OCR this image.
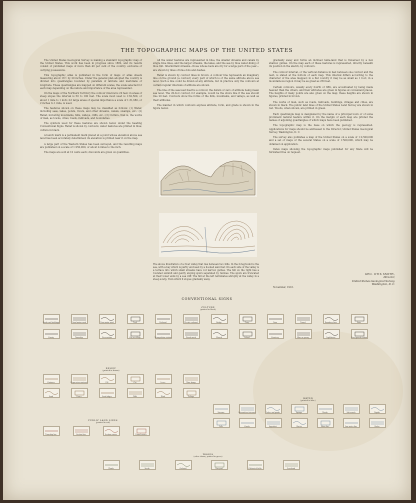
THE TOPOGRAPHIC MAPS OF THE UNITED STATES

The United States Geological Survey is making a standard topographic map of the United States. This work has been in progress since 1882, and its results consist of published maps of more than 40 per cent of the country, exclusive of outlying possessions.

This topographic atlas is published in the form of maps or atlas sheets measuring about 16½ by 20 inches. Under the general plan adopted the country is divided into quadrangles bounded by parallels of latitude and meridians of longitude. These quadrangles are mapped on different scales, the scale selected for each map depending on the nature and importance of the area represented.

On the maps of the Northern Territory the contour interval is 20 feet; in areas of steep slopes the interval is 50 to 100 feet. The scale most used is 1:62,500, or about 1 mile to 1 inch; for large areas of special importance a scale of 1:31,680, or 2 inches to 1 mile, is used.

The features shown on these maps may be classified as follows: (1) Water, including seas, lakes, ponds, rivers, and other streams, canals, swamps, etc.; (2) Relief, including mountains, hills, valleys, cliffs, etc.; (3) Culture, that is, the works of man, as towns, cities, roads, railroads, and boundaries.

The symbols used for these features are shown below under the heading Conventional Signs. Relief is shown by contours; water features are printed in blue; culture in black.

A bench mark is a permanent mark placed at a point whose elevation above sea level has been accurately determined; its elevation is printed near it on the map.

A large part of the Western States has been surveyed, and the resulting maps are published on a scale of 1:250,000, or about 4 miles to the inch.

The maps are sold at 10 cents each; discounts are given on quantities.

All the water features are represented in blue, the smaller streams and canals by single blue lines, and the larger streams, the lakes, and the sea by blue water-lining or blue tint. Intermittent streams—those whose beds are dry for a large part of the year—are shown by lines of blue dots and dashes.

Relief is shown by contour lines in brown. A contour line represents an imaginary line on the ground (a contour) every part of which is of the same altitude above sea level. Such a line could be drawn at any altitude, but in practice only the contours at certain regular intervals of altitude are shown.

The line of the seacoast itself is a contour, the datum or zero of altitude being mean sea level. The 20-foot contour, for example, would be the shore line if the sea should rise 20 feet. Contours show the forms of the hills, mountains, and valleys, as well as their altitudes.

The manner in which contours express altitude, form, and grade is shown in the figure below.

The above illustration of a river valley that lies between two hills. In the foreground is the sea, with a bay which is partly enclosed by a hooked sand bar. On each side of the valley is a terrace into which small streams have cut narrow gullies. The hill on the right has a rounded summit and gently sloping spurs separated by ravines. The spurs are truncated at their lower ends by a sea cliff. The hill at the left terminates abruptly at the valley in a steep scarp, from which it slopes gradually away.

gradually away and forms an inclined table-land that is traversed by a few shallow gullies. On the map each of these features is represented, directly beneath its position in the sketch, by contours.

The contour interval, or the vertical distance in feet between one contour and the next, is stated at the bottom of each map. This interval differs according to the character of the area mapped; in a flat country it may be as small as 1 foot; in a mountainous region it may be as great as 250 feet.

Certain contours, usually every fourth or fifth, are accentuated by being made heavier than the others, and their altitudes are given in figures at convenient places. The heights of many points are also given on the map; these heights are shown in figures, printed in brown.

The works of man, such as roads, railroads, buildings, villages and cities, are shown in black. The public land lines of the United States Land Survey are shown in red. Woods, when shown, are printed in green.

Each quadrangle map is designated by the name of a principal town or of some prominent natural feature within it. On the margin of each map are printed the names of adjoining quadrangles of which maps have been published.

The topographic map is the base on which the geology is represented. Applications for maps should be addressed to the Director, United States Geological Survey, Washington, D. C.

The survey also publishes a map of the United States on a scale of 1:2,500,000 and a set of maps of the several States on a scale of 1:500,000, which may be obtained on application.

Index maps showing the topographic maps published for any State will be furnished free on request.

GEO. OTIS SMITH,
Director,
United States Geological Survey,
Washington, D. C.
November, 1916.
CONVENTIONAL SIGNS
CULTURE
(printed in black)
RELIEF
(printed in brown)
WATER
(printed in blue)
PUBLIC LAND LINES
(printed in red)
WOODS
(when shown, printed in green)
Roads and buildings	Good motor road	Poor motor road	Trail	Railroad	Electric railroad	Bridge	Ferry	Dam	Tunnel	Boundary lines	State
County	Township	Reservation	City or village	Triangulation station	Bench mark	Church	School	Cemetery	Mine or quarry	Lighthouse	Coast guard station
Contours	Depression contours	Fill	Cut	Levee	Mine dump
Sand	Dunes	Sand ridges	Cliffs	Wash	Tailings
Streams	Intermittent streams	Lakes and ponds	Springs	Marsh	Salt marsh	Rapids
Falls	Canals	Aqueduct	Glacier	Shore line	Low water line	Rocks
Township line	Section line	Section corner	Found corner
Woods	Scrub	Orchard	Vineyard	Cultivated fields	Grassland
